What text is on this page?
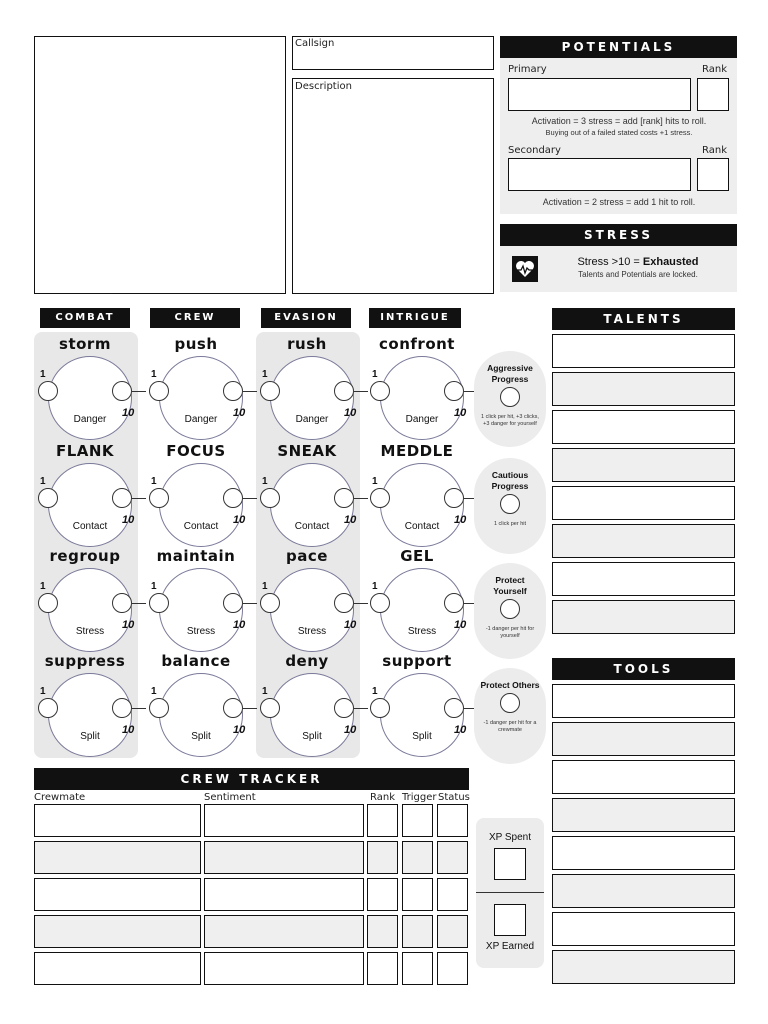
Callsign
Description
POTENTIALS
Primary	Rank
Activation = 3 stress = add [rank] hits to roll.
Buying out of a failed stated costs +1 stress.
Secondary	Rank
Activation = 2 stress = add 1 hit to roll.
STRESS
Stress >10 = Exhausted
Talents and Potentials are locked.
COMBAT	CREW	EVASION	INTRIGUE
storm
Danger
1
10
push
Danger
1
10
rush
Danger
1
10
confront
Danger
1
10
FLANK
Contact
1
10
FOCUS
Contact
1
10
SNEAK
Contact
1
10
MEDDLE
Contact
1
10
regroup
Stress
1
10
maintain
Stress
1
10
pace
Stress
1
10
GEL
Stress
1
10
suppress
Split
1
10
balance
Split
1
10
deny
Split
1
10
support
Split
1
10
Aggressive Progress
1 click per hit, +3 clicks, +3 danger for yourself
Cautious Progress
1 click per hit
Protect Yourself
-1 danger per hit for yourself
Protect Others
-1 danger per hit for a crewmate
TALENTS
TOOLS
CREW TRACKER
Crewmate	Sentiment	Rank Trigger Status
XP Spent
XP Earned
